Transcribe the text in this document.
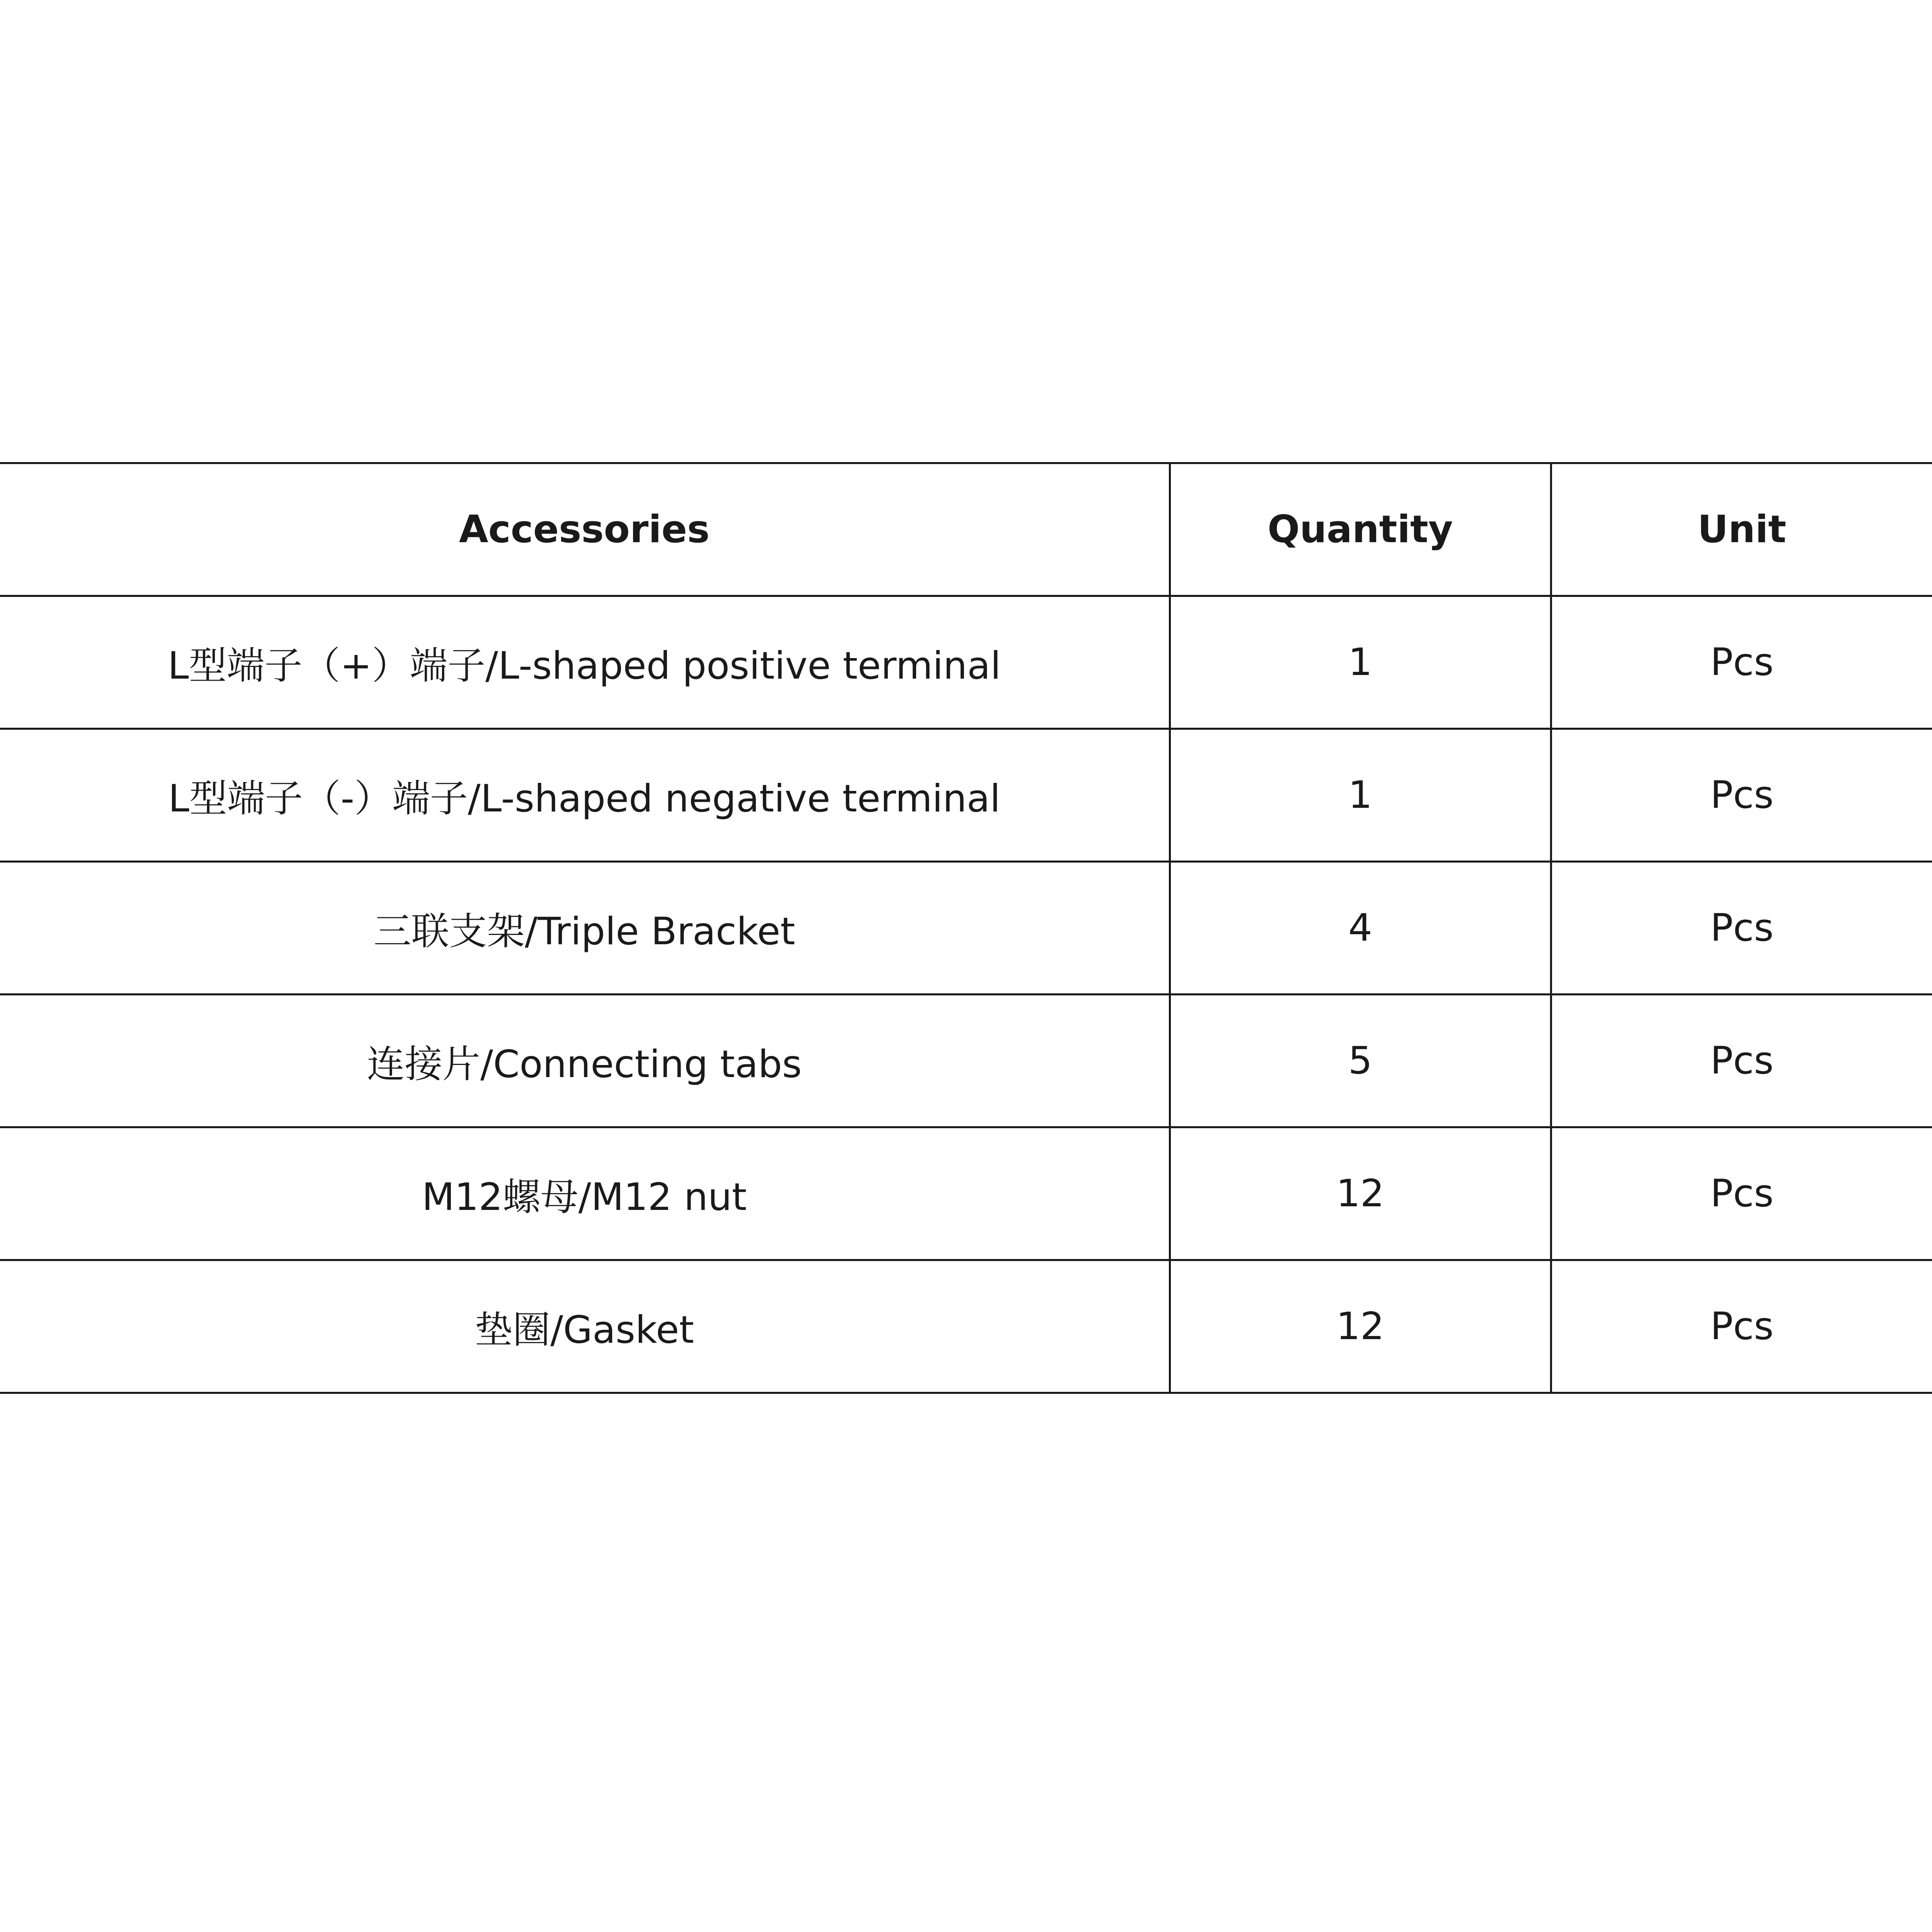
Accessories	Quantity	Unit
L型端子（+）端子/L-shaped positive terminal	1	Pcs
L型端子（-）端子/L-shaped negative terminal	1	Pcs
三联支架/Triple Bracket	4	Pcs
连接片/Connecting tabs	5	Pcs
M12螺母/M12 nut	12	Pcs
垫圈/Gasket	12	Pcs
